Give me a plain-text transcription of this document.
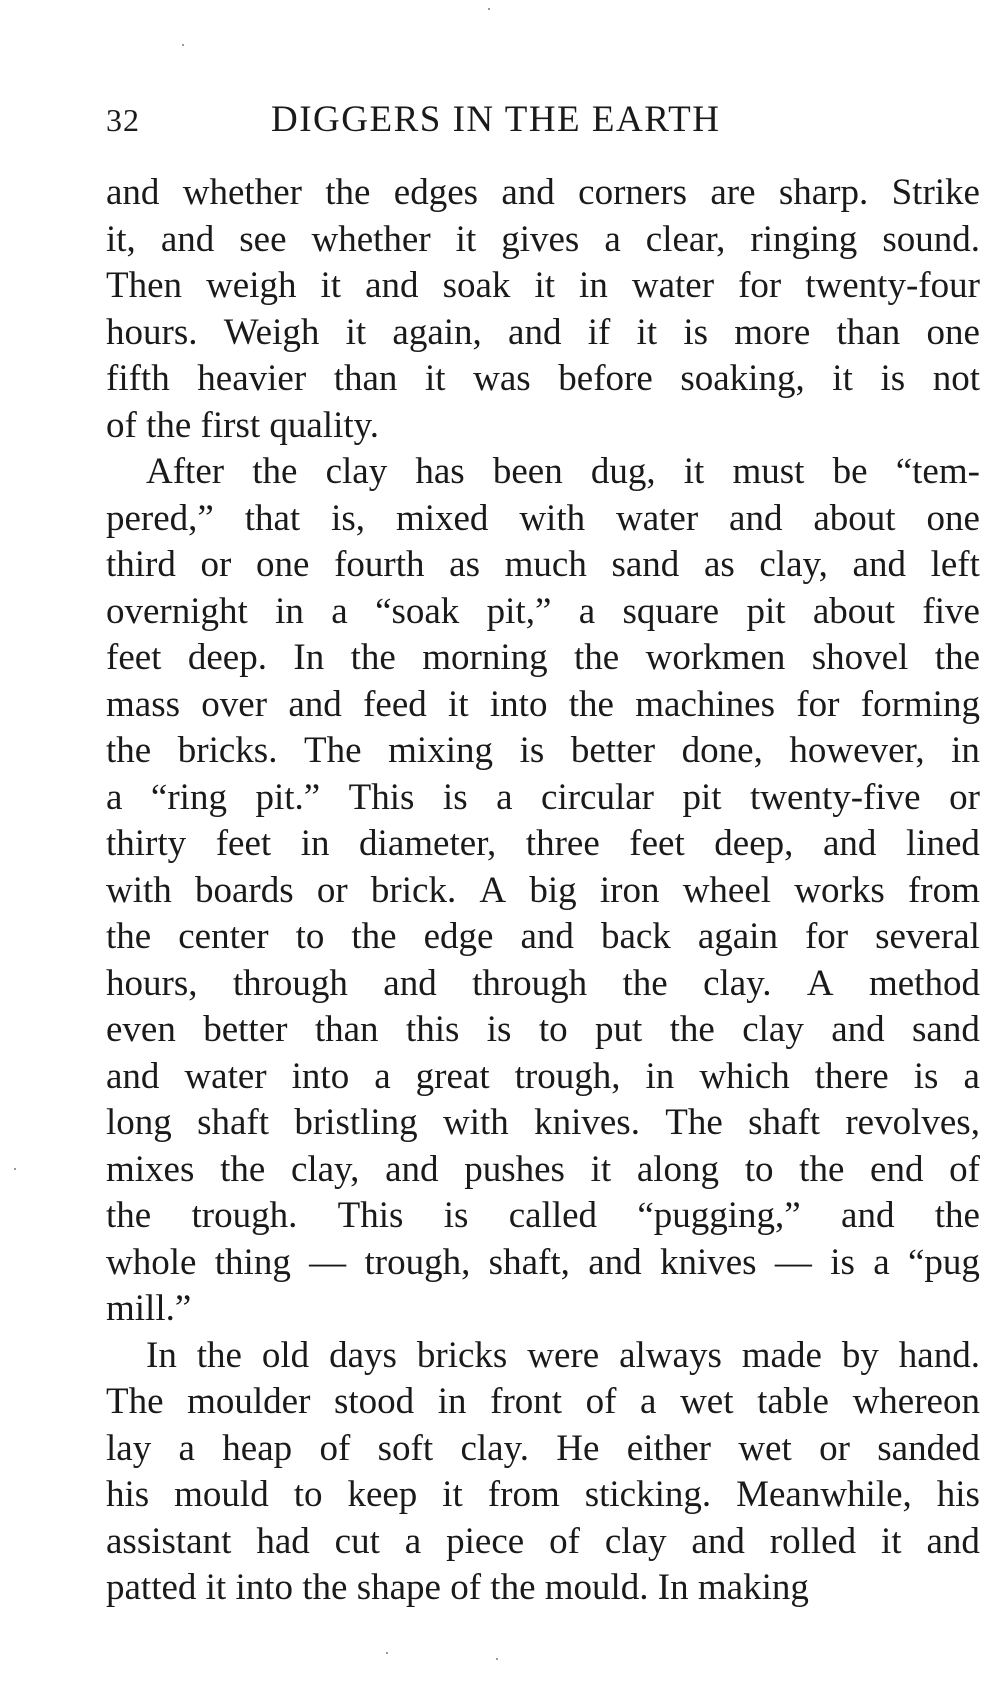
32	DIGGERS IN THE EARTH
and whether the edges and corners are sharp. Strike
it, and see whether it gives a clear, ringing sound.
Then weigh it and soak it in water for twenty-four
hours. Weigh it again, and if it is more than one
fifth heavier than it was before soaking, it is not
of the first quality.
After the clay has been dug, it must be “tem-
pered,” that is, mixed with water and about one
third or one fourth as much sand as clay, and left
overnight in a “soak pit,” a square pit about five
feet deep. In the morning the workmen shovel the
mass over and feed it into the machines for forming
the bricks. The mixing is better done, however, in
a “ring pit.” This is a circular pit twenty-five or
thirty feet in diameter, three feet deep, and lined
with boards or brick. A big iron wheel works from
the center to the edge and back again for several
hours, through and through the clay. A method
even better than this is to put the clay and sand
and water into a great trough, in which there is a
long shaft bristling with knives. The shaft revolves,
mixes the clay, and pushes it along to the end of
the trough. This is called “pugging,” and the
whole thing — trough, shaft, and knives — is a “pug
mill.”
In the old days bricks were always made by hand.
The moulder stood in front of a wet table whereon
lay a heap of soft clay. He either wet or sanded
his mould to keep it from sticking. Meanwhile, his
assistant had cut a piece of clay and rolled it and
patted it into the shape of the mould. In making
